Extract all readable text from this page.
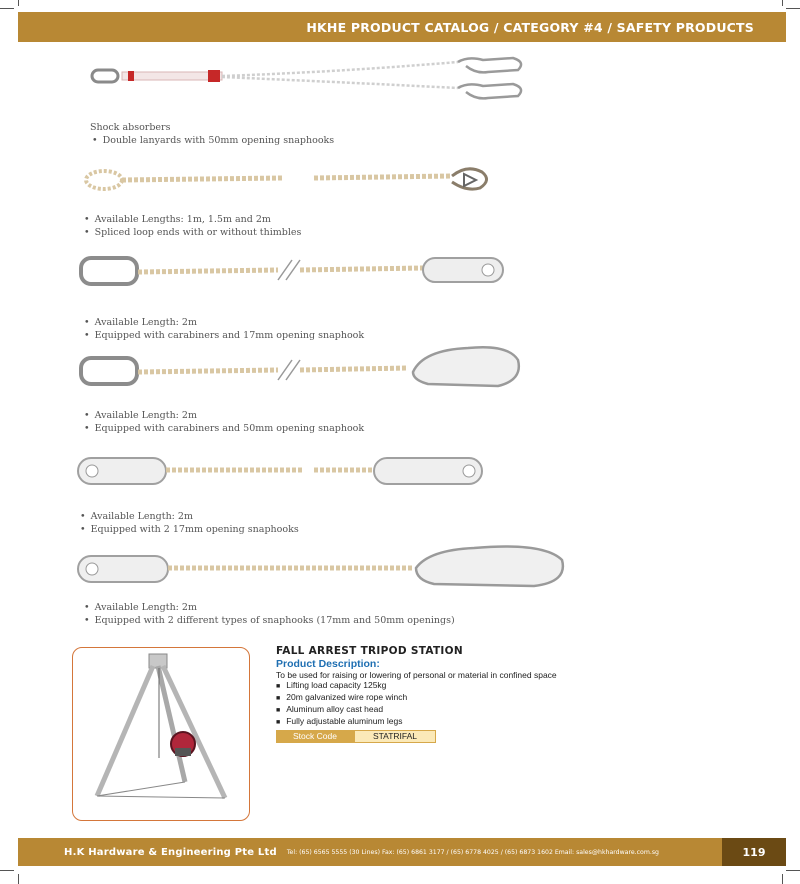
HKHE PRODUCT CATALOG / CATEGORY #4 / SAFETY PRODUCTS
Shock absorbers
• Double lanyards with 50mm opening snaphooks
• Available Lengths: 1m, 1.5m and 2m
• Spliced loop ends with or without thimbles
• Available Length: 2m
• Equipped with carabiners and 17mm opening snaphook
• Available Length: 2m
• Equipped with carabiners and 50mm opening snaphook
• Available Length: 2m
• Equipped with 2 17mm opening snaphooks
• Available Length: 2m
• Equipped with 2 different types of snaphooks (17mm and 50mm openings)
FALL ARREST TRIPOD STATION
Product Description:
To be used for raising or lowering of personal or material in confined space
■ Lifting load capacity 125kg
■ 20m galvanized wire rope winch
■ Aluminum alloy cast head
■ Fully adjustable aluminum legs
Stock Code	STATRIFAL
H.K Hardware & Engineering Pte Ltd Tel: (65) 6565 5555 (30 Lines) Fax: (65) 6861 3177 / (65) 6778 4025 / (65) 6873 1602 Email: sales@hkhardware.com.sg	119
